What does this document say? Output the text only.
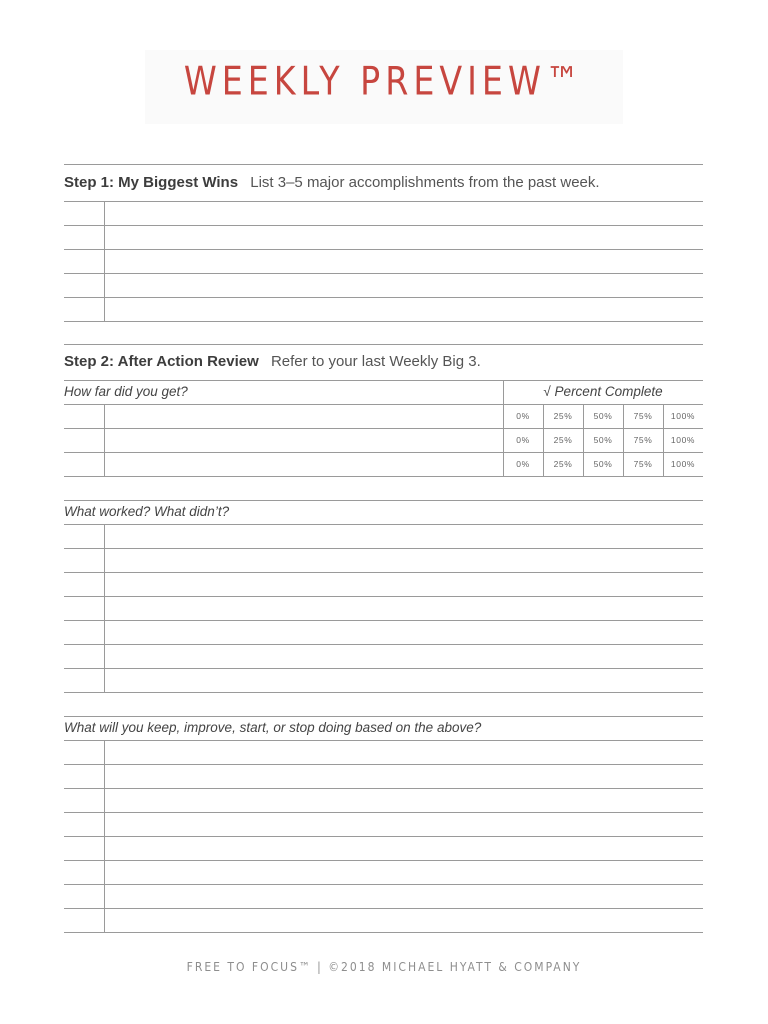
WEEKLY PREVIEW™
Step 1: My Biggest Wins List 3–5 major accomplishments from the past week.
Step 2: After Action Review Refer to your last Weekly Big 3.
How far did you get?	√ Percent Complete
0%	25%	50%	75%	100%
0%	25%	50%	75%	100%
0%	25%	50%	75%	100%
What worked? What didn’t?
What will you keep, improve, start, or stop doing based on the above?
FREE TO FOCUS™ | ©2018 MICHAEL HYATT & COMPANY
